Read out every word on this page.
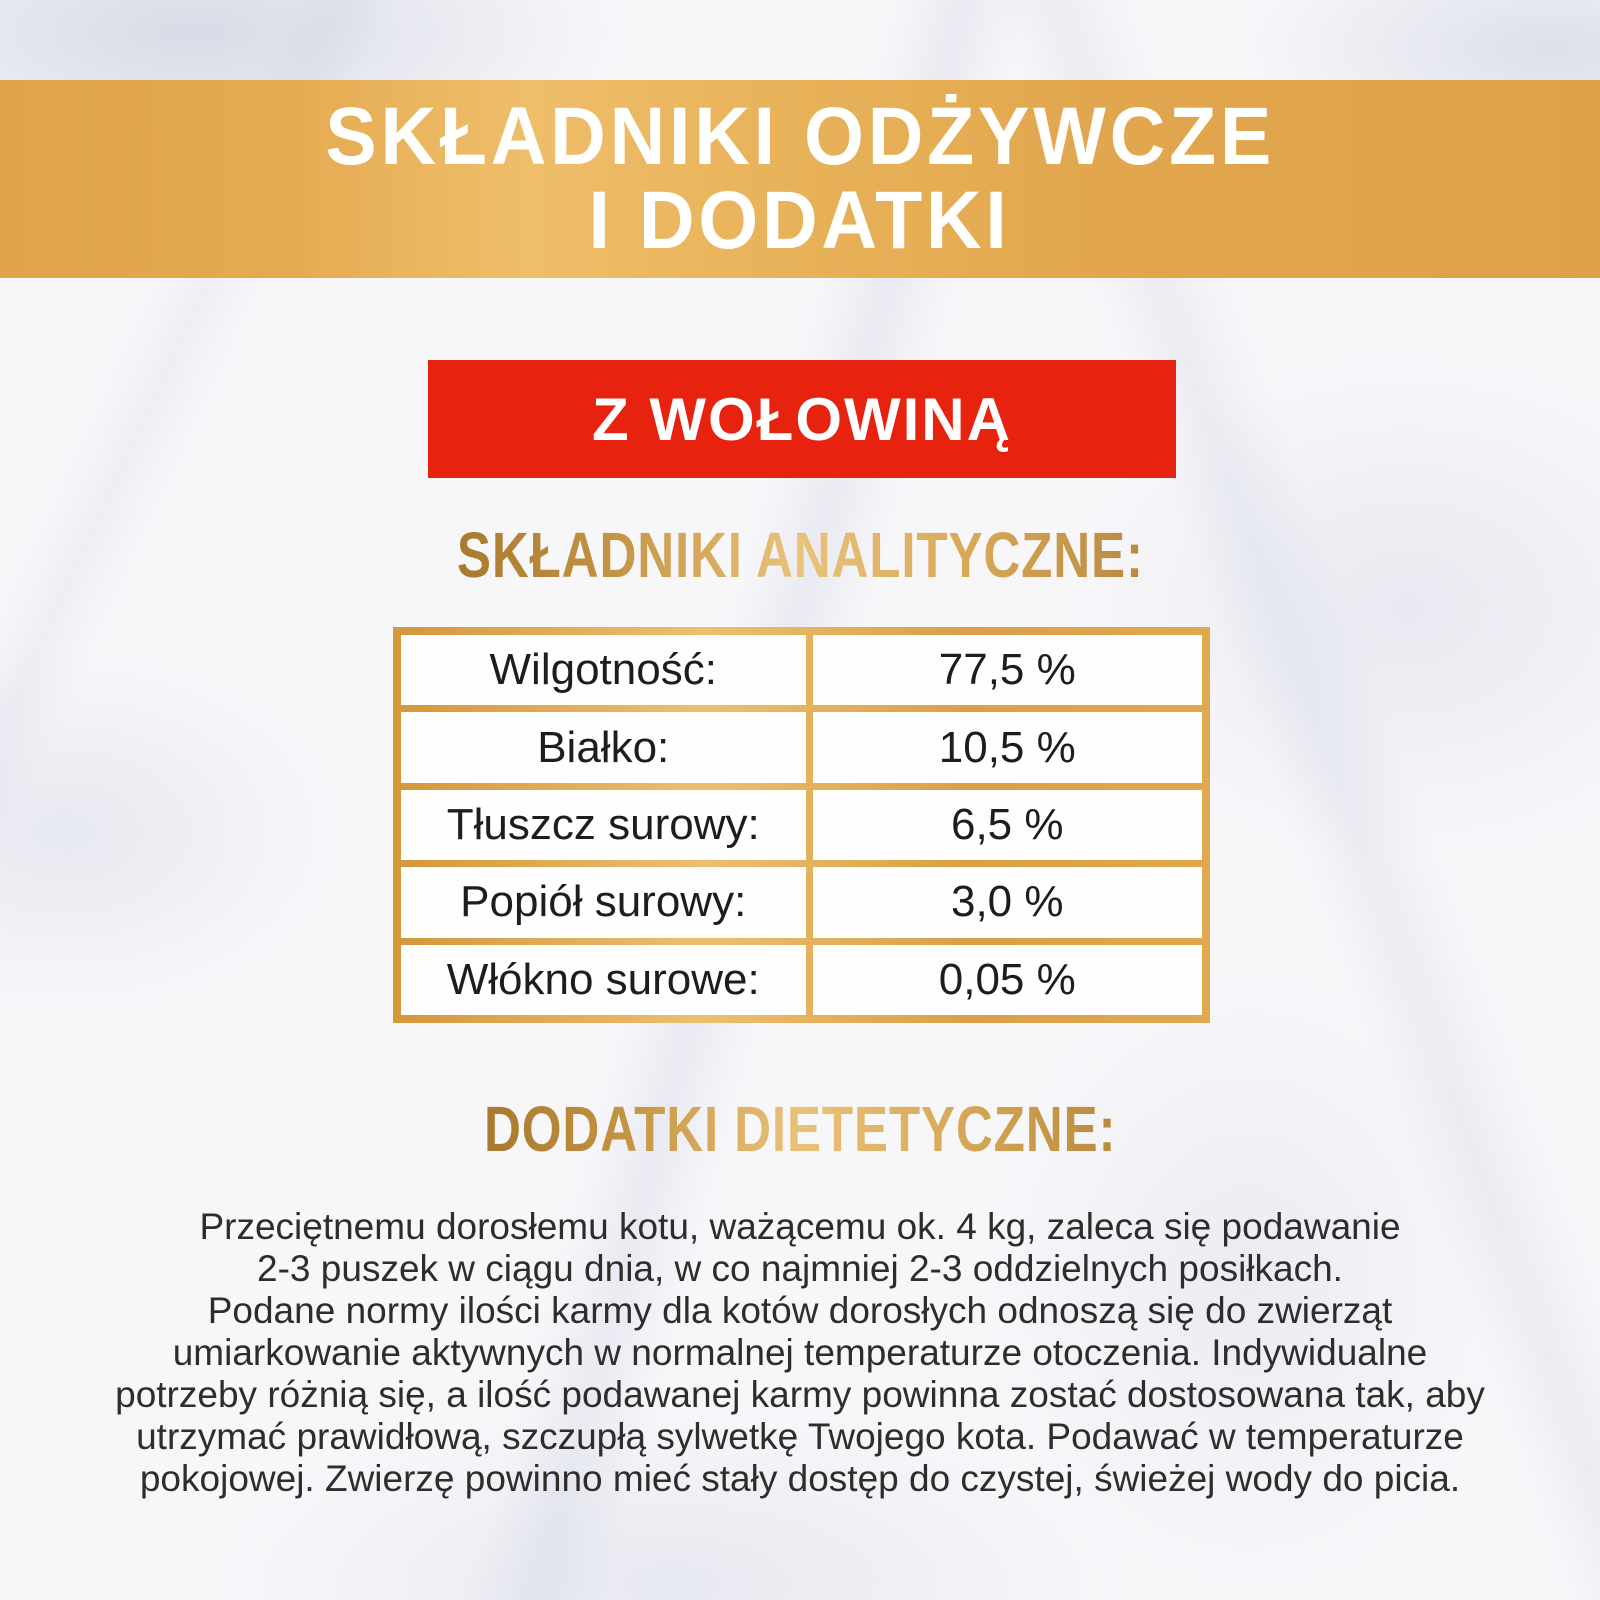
SKŁADNIKI ODŻYWCZE
I DODATKI
Z WOŁOWINĄ
SKŁADNIKI ANALITYCZNE:
Wilgotność:	77,5 %
Białko:	10,5 %
Tłuszcz surowy:	6,5 %
Popiół surowy:	3,0 %
Włókno surowe:	0,05 %
DODATKI DIETETYCZNE:
Przeciętnemu dorosłemu kotu, ważącemu ok. 4 kg, zaleca się podawanie
2-3 puszek w ciągu dnia, w co najmniej 2-3 oddzielnych posiłkach.
Podane normy ilości karmy dla kotów dorosłych odnoszą się do zwierząt
umiarkowanie aktywnych w normalnej temperaturze otoczenia. Indywidualne
potrzeby różnią się, a ilość podawanej karmy powinna zostać dostosowana tak, aby
utrzymać prawidłową, szczupłą sylwetkę Twojego kota. Podawać w temperaturze
pokojowej. Zwierzę powinno mieć stały dostęp do czystej, świeżej wody do picia.
